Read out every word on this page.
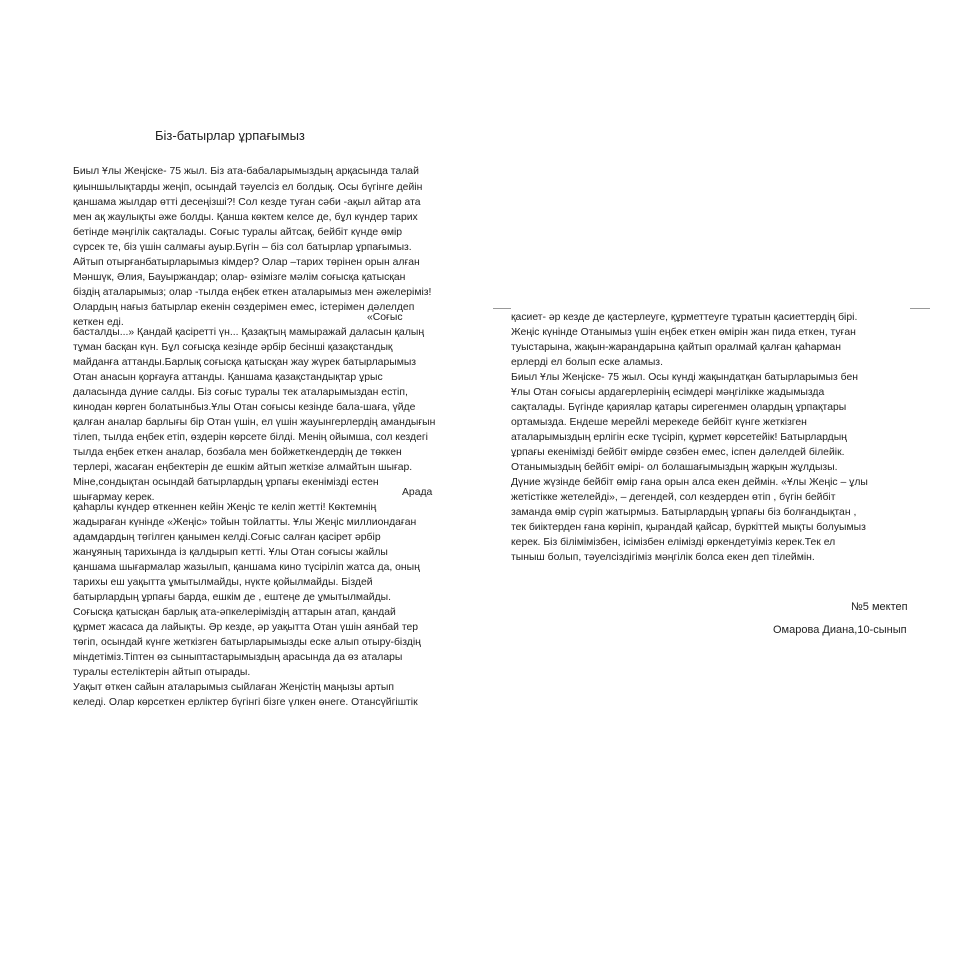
Біз-батырлар ұрпағымыз
Биыл Ұлы Жеңіске- 75 жыл. Біз ата-бабаларымыздың арқасында талай
қиыншылықтарды жеңіп, осындай тәуелсіз ел болдық. Осы бүгінге дейін
қаншама жылдар өтті десеңізші?! Сол кезде туған сәби -ақыл айтар ата
мен ақ жаулықты әже болды. Қанша көктем келсе де, бұл күндер тарих
бетінде мәңгілік сақталады. Соғыс туралы айтсақ, бейбіт күнде өмір
сүрсек те, біз үшін салмағы ауыр.Бүгін – біз сол батырлар ұрпағымыз.
Айтып отырғанбатырларымыз кімдер? Олар –тарих төрінен орын алған
Мәншүк, Әлия, Бауыржандар; олар- өзімізге мәлім соғысқа қатысқан
біздің аталарымыз; олар -тылда еңбек еткен аталарымыз мен әжелеріміз!
Олардың нағыз батырлар екенін сөздерімен емес, істерімен дәлелдеп
кеткен еді.	«Соғыс
басталды...» Қандай қасіретті үн... Қазақтың мамыражай даласын қалың
тұман басқан күн. Бұл соғысқа кезінде әрбір бесінші қазақстандық
майданға аттанды.Барлық соғысқа қатысқан жау жүрек батырларымыз
Отан анасын қорғауға аттанды. Қаншама қазақстандықтар ұрыс
даласында дүние салды. Біз соғыс туралы тек аталарымыздан естіп,
кинодан көрген болатынбыз.Ұлы Отан соғысы кезінде бала-шаға, үйде
қалған аналар барлығы бір Отан үшін, ел үшін жауынгерлердің амандығын
тілеп, тылда еңбек етіп, өздерін көрсете білді. Менің ойымша, сол кездегі
тылда еңбек еткен аналар, бозбала мен бойжеткендердің де төккен
терлері, жасаған еңбектерін де ешкім айтып жеткізе алмайтын шығар.
Міне,сондықтан осындай батырлардың ұрпағы екенімізді естен
шығармау керек.	Арада
қаһарлы күндер өткеннен кейін Жеңіс те келіп жетті! Көктемнің
жадыраған күнінде «Жеңіс» тойын тойлатты. Ұлы Жеңіс миллиондаған
адамдардың төгілген қанымен келді.Соғыс салған қасірет әрбір
жанұяның тарихында із қалдырып кетті. Ұлы Отан соғысы жайлы
қаншама шығармалар жазылып, қаншама кино түсіріліп жатса да, оның
тарихы еш уақытта ұмытылмайды, нүкте қойылмайды. Біздей
батырлардың ұрпағы барда, ешкім де , ештеңе де ұмытылмайды.
Соғысқа қатысқан барлық ата-әпкелеріміздің аттарын атап, қандай
құрмет жасаса да лайықты. Әр кезде, әр уақытта Отан үшін аянбай тер
төгіп, осындай күнге жеткізген батырларымызды еске алып отыру-біздің
міндетіміз.Тіптен өз сыныптастарымыздың арасында да өз аталары
туралы естеліктерін айтып отырады.
Уақыт өткен сайын аталарымыз сыйлаған Жеңістің маңызы артып
келеді. Олар көрсеткен ерліктер бүгінгі бізге үлкен өнеге. Отансүйгіштік
қасиет- әр кезде де қастерлеуге, құрметтеуге тұратын қасиеттердің бірі.
Жеңіс күнінде Отанымыз үшін еңбек еткен өмірін жан пида еткен, туған
туыстарына, жақын-жарандарына қайтып оралмай қалған қаһарман
ерлерді ел болып еске аламыз.
Биыл Ұлы Жеңіске- 75 жыл. Осы күнді жақындатқан батырларымыз бен
Ұлы Отан соғысы ардагерлерінің есімдері мәңгілікке жадымызда
сақталады. Бүгінде қариялар қатары сирегенмен олардың ұрпақтары
ортамызда. Ендеше мерейлі мерекеде бейбіт күнге жеткізген
аталарымыздың ерлігін еске түсіріп, құрмет көрсетейік! Батырлардың
ұрпағы екенімізді бейбіт өмірде сөзбен емес, іспен дәлелдей білейік.
Отанымыздың бейбіт өмірі- ол болашағымыздың жарқын жұлдызы.
Дүние жүзінде бейбіт өмір ғана орын алса екен деймін. «Ұлы Жеңіс – ұлы
жетістікке жетелейді», – дегендей, сол кездерден өтіп , бүгін бейбіт
заманда өмір сүріп жатырмыз. Батырлардың ұрпағы біз болғандықтан ,
тек биіктерден ғана көрініп, қырандай қайсар, бүркіттей мықты болуымыз
керек. Біз білімімізбен, ісімізбен елімізді өркендетуіміз керек.Тек ел
тыныш болып, тәуелсіздігіміз мәңгілік болса екен деп тілеймін.
№5 мектеп
Омарова Диана,10-сынып
